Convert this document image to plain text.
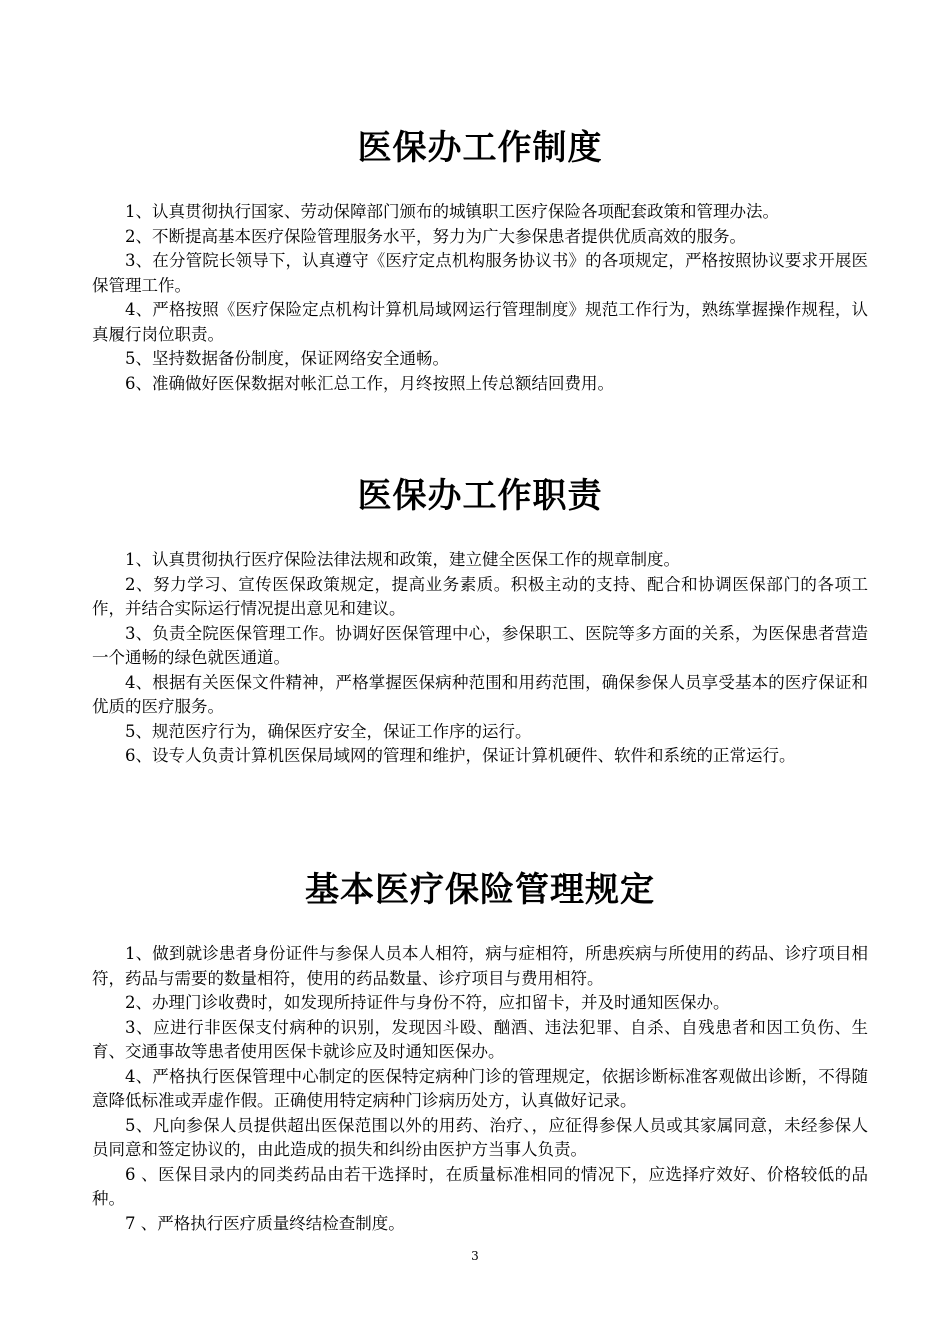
医保办工作制度

1、认真贯彻执行国家、劳动保障部门颁布的城镇职工医疗保险各项配套政策和管理办法。

2、不断提高基本医疗保险管理服务水平，努力为广大参保患者提供优质高效的服务。

3、在分管院长领导下，认真遵守《医疗定点机构服务协议书》的各项规定，严格按照协议要求开展医保管理工作。

4、严格按照《医疗保险定点机构计算机局域网运行管理制度》规范工作行为，熟练掌握操作规程，认真履行岗位职责。

5、坚持数据备份制度，保证网络安全通畅。

6、准确做好医保数据对帐汇总工作，月终按照上传总额结回费用。

医保办工作职责

1、认真贯彻执行医疗保险法律法规和政策，建立健全医保工作的规章制度。

2、努力学习、宣传医保政策规定，提高业务素质。积极主动的支持、配合和协调医保部门的各项工作，并结合实际运行情况提出意见和建议。

3、负责全院医保管理工作。协调好医保管理中心，参保职工、医院等多方面的关系，为医保患者营造一个通畅的绿色就医通道。

4、根据有关医保文件精神，严格掌握医保病种范围和用药范围，确保参保人员享受基本的医疗保证和优质的医疗服务。

5、规范医疗行为，确保医疗安全，保证工作序的运行。

6、设专人负责计算机医保局域网的管理和维护，保证计算机硬件、软件和系统的正常运行。

基本医疗保险管理规定

1、做到就诊患者身份证件与参保人员本人相符，病与症相符，所患疾病与所使用的药品、诊疗项目相符，药品与需要的数量相符，使用的药品数量、诊疗项目与费用相符。

2、办理门诊收费时，如发现所持证件与身份不符，应扣留卡，并及时通知医保办。

3、应进行非医保支付病种的识别，发现因斗殴、酗酒、违法犯罪、自杀、自残患者和因工负伤、生育、交通事故等患者使用医保卡就诊应及时通知医保办。

4、严格执行医保管理中心制定的医保特定病种门诊的管理规定，依据诊断标准客观做出诊断，不得随意降低标准或弄虚作假。正确使用特定病种门诊病历处方，认真做好记录。

5、凡向参保人员提供超出医保范围以外的用药、治疗、，应征得参保人员或其家属同意，未经参保人员同意和签定协议的，由此造成的损失和纠纷由医护方当事人负责。

6 、医保目录内的同类药品由若干选择时，在质量标准相同的情况下，应选择疗效好、价格较低的品种。

7 、严格执行医疗质量终结检查制度。

3
